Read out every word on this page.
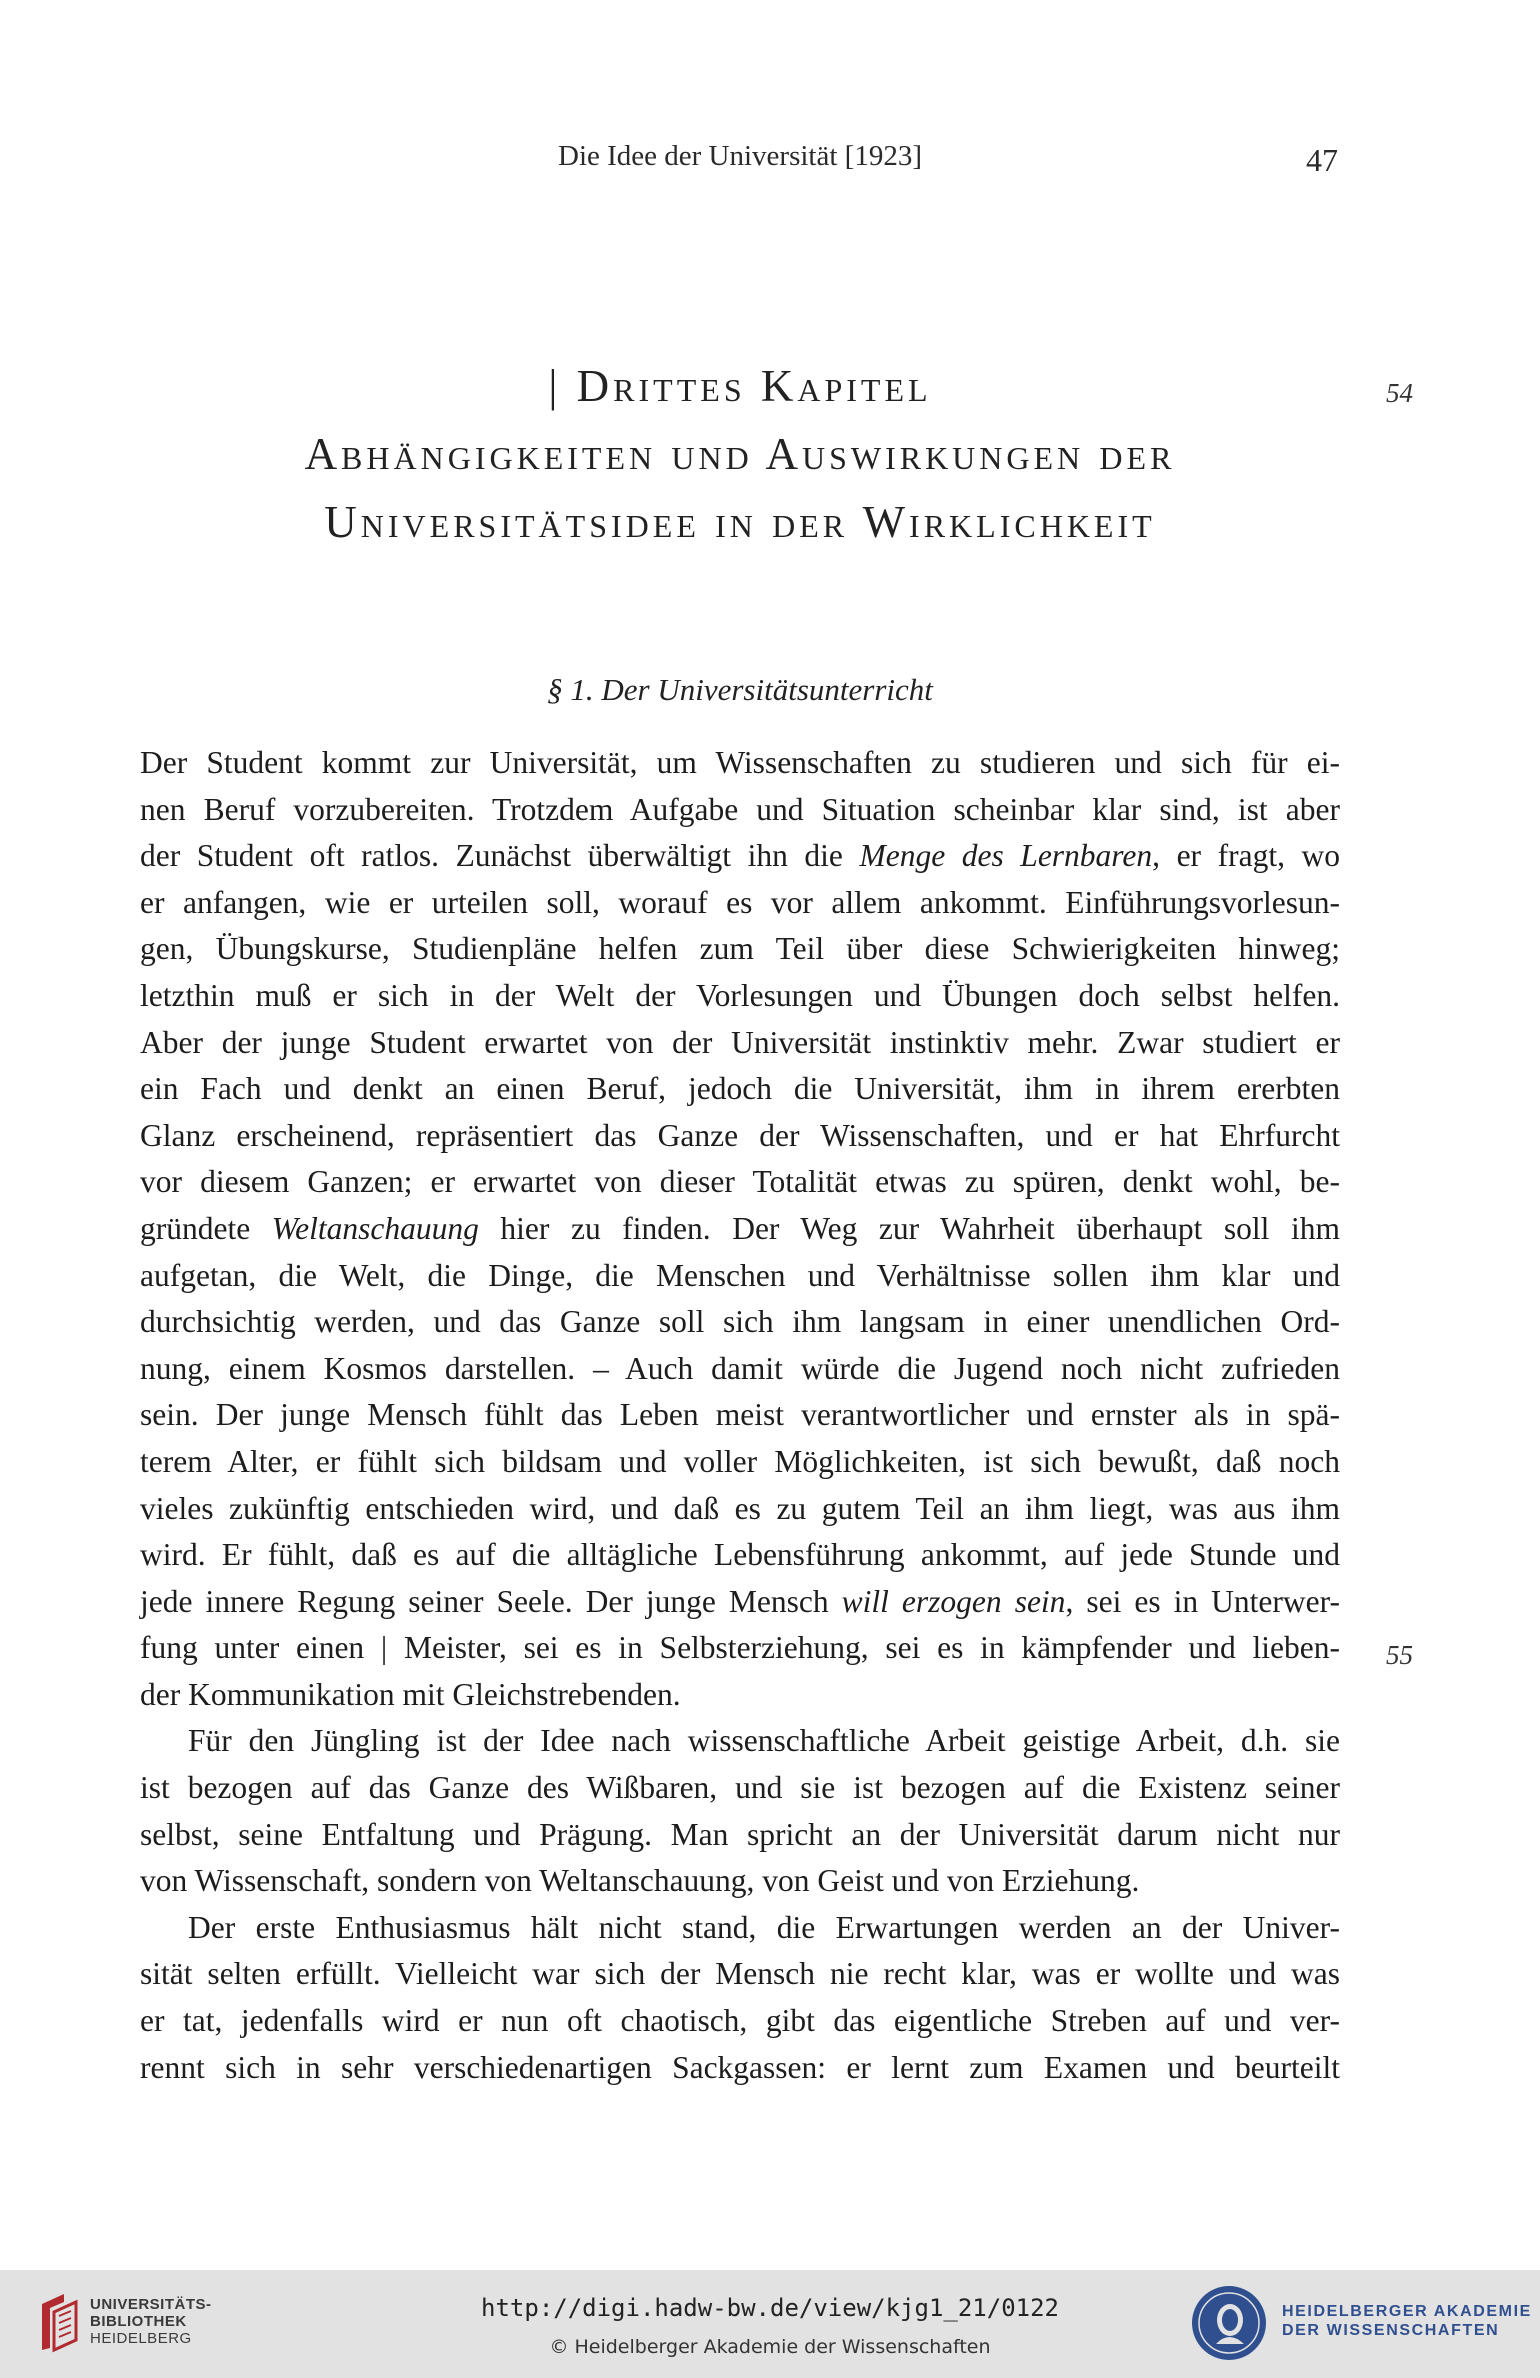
Die Idee der Universität [1923]	47
54
55
| Drittes Kapitel
Abhängigkeiten und Auswirkungen der
Universitätsidee in der Wirklichkeit
§ 1. Der Universitätsunterricht
Der Student kommt zur Universität, um Wissenschaften zu studieren und sich für ei-
nen Beruf vorzubereiten. Trotzdem Aufgabe und Situation scheinbar klar sind, ist aber
der Student oft ratlos. Zunächst überwältigt ihn die Menge des Lernbaren, er fragt, wo
er anfangen, wie er urteilen soll, worauf es vor allem ankommt. Einführungsvorlesun-
gen, Übungskurse, Studienpläne helfen zum Teil über diese Schwierigkeiten hinweg;
letzthin muß er sich in der Welt der Vorlesungen und Übungen doch selbst helfen.
Aber der junge Student erwartet von der Universität instinktiv mehr. Zwar studiert er
ein Fach und denkt an einen Beruf, jedoch die Universität, ihm in ihrem ererbten
Glanz erscheinend, repräsentiert das Ganze der Wissenschaften, und er hat Ehrfurcht
vor diesem Ganzen; er erwartet von dieser Totalität etwas zu spüren, denkt wohl, be-
gründete Weltanschauung hier zu finden. Der Weg zur Wahrheit überhaupt soll ihm
aufgetan, die Welt, die Dinge, die Menschen und Verhältnisse sollen ihm klar und
durchsichtig werden, und das Ganze soll sich ihm langsam in einer unendlichen Ord-
nung, einem Kosmos darstellen. – Auch damit würde die Jugend noch nicht zufrieden
sein. Der junge Mensch fühlt das Leben meist verantwortlicher und ernster als in spä-
terem Alter, er fühlt sich bildsam und voller Möglichkeiten, ist sich bewußt, daß noch
vieles zukünftig entschieden wird, und daß es zu gutem Teil an ihm liegt, was aus ihm
wird. Er fühlt, daß es auf die alltägliche Lebensführung ankommt, auf jede Stunde und
jede innere Regung seiner Seele. Der junge Mensch will erzogen sein, sei es in Unterwer-
fung unter einen | Meister, sei es in Selbsterziehung, sei es in kämpfender und lieben-
der Kommunikation mit Gleichstrebenden.
Für den Jüngling ist der Idee nach wissenschaftliche Arbeit geistige Arbeit, d.h. sie
ist bezogen auf das Ganze des Wißbaren, und sie ist bezogen auf die Existenz seiner
selbst, seine Entfaltung und Prägung. Man spricht an der Universität darum nicht nur
von Wissenschaft, sondern von Weltanschauung, von Geist und von Erziehung.
Der erste Enthusiasmus hält nicht stand, die Erwartungen werden an der Univer-
sität selten erfüllt. Vielleicht war sich der Mensch nie recht klar, was er wollte und was
er tat, jedenfalls wird er nun oft chaotisch, gibt das eigentliche Streben auf und ver-
rennt sich in sehr verschiedenartigen Sackgassen: er lernt zum Examen und beurteilt
UNIVERSITÄTS-
BIBLIOTHEK
HEIDELBERG
http://digi.hadw-bw.de/view/kjg1_21/0122
© Heidelberger Akademie der Wissenschaften
HEIDELBERGER AKADEMIE
DER WISSENSCHAFTEN
